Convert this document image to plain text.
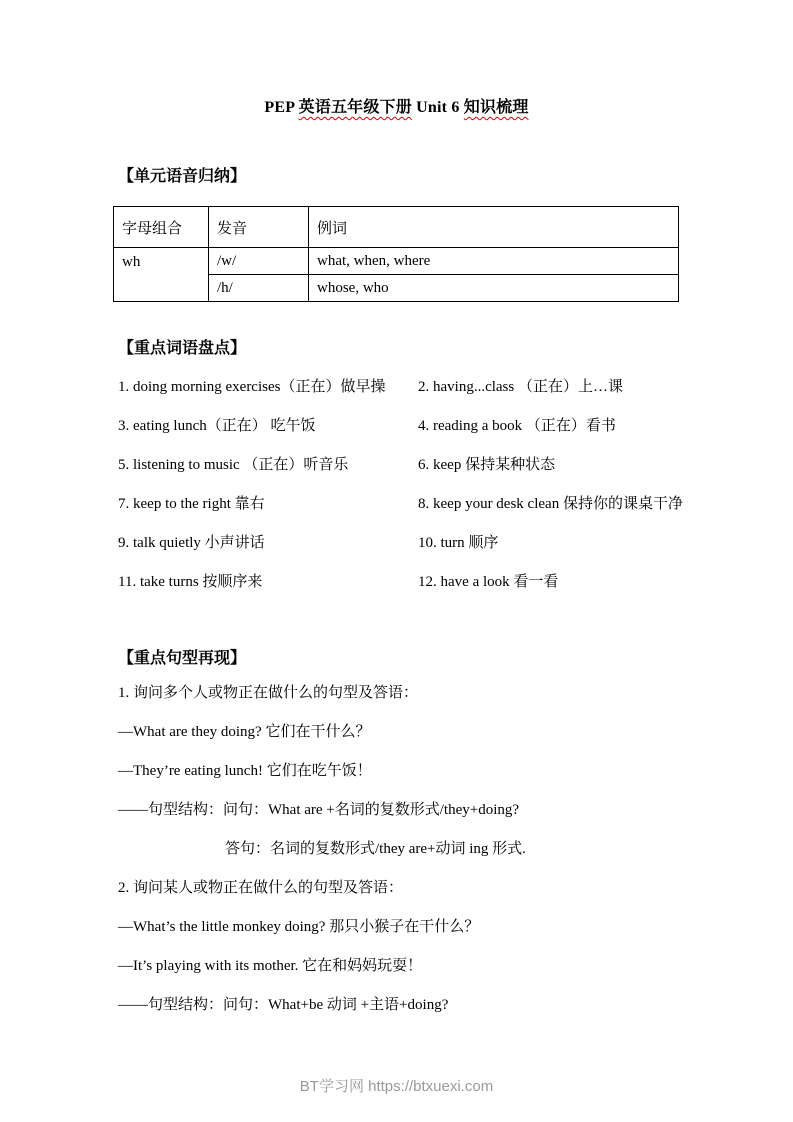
PEP 英语五年级下册 Unit 6 知识梳理
【单元语音归纳】
字母组合	发音	例词
wh	/w/	what, when, where
	/h/	whose, who
【重点词语盘点】
1. doing morning exercises（正在）做早操	2. having...class （正在）上…课
3. eating lunch（正在） 吃午饭	4. reading a book （正在）看书
5. listening to music （正在）听音乐	6. keep 保持某种状态
7. keep to the right 靠右	8. keep your desk clean 保持你的课桌干净
9. talk quietly 小声讲话	10. turn 顺序
11. take turns 按顺序来	12. have a look 看一看
【重点句型再现】
1. 询问多个人或物正在做什么的句型及答语：
—What are they doing? 它们在干什么？
—They’re eating lunch! 它们在吃午饭！
——句型结构：问句：What are +名词的复数形式/they+doing?
答句：名词的复数形式/they are+动词 ing 形式.
2. 询问某人或物正在做什么的句型及答语：
—What’s the little monkey doing? 那只小猴子在干什么？
—It’s playing with its mother. 它在和妈妈玩耍！
——句型结构：问句：What+be 动词 +主语+doing?
BT学习网 https://btxuexi.com
